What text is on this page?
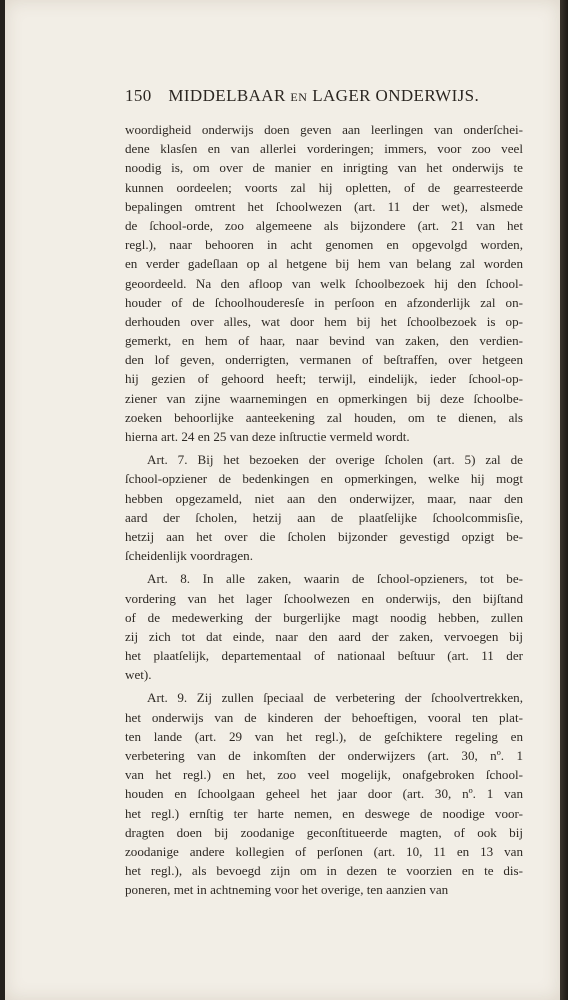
150 MIDDELBAAR EN LAGER ONDERWIJS.
woordigheid onderwijs doen geven aan leerlingen van onderſchei-
dene klasſen en van allerlei vorderingen; immers, voor zoo veel
noodig is, om over de manier en inrigting van het onderwijs te
kunnen oordeelen; voorts zal hij opletten, of de gearresteerde
bepalingen omtrent het ſchoolwezen (art. 11 der wet), alsmede
de ſchool-orde, zoo algemeene als bijzondere (art. 21 van het
regl.), naar behooren in acht genomen en opgevolgd worden,
en verder gadeſlaan op al hetgene bij hem van belang zal worden
geoordeeld. Na den afloop van welk ſchoolbezoek hij den ſchool-
houder of de ſchoolhouderesſe in perſoon en afzonderlijk zal on-
derhouden over alles, wat door hem bij het ſchoolbezoek is op-
gemerkt, en hem of haar, naar bevind van zaken, den verdien-
den lof geven, onderrigten, vermanen of beſtraffen, over hetgeen
hij gezien of gehoord heeft; terwijl, eindelijk, ieder ſchool-op-
ziener van zijne waarnemingen en opmerkingen bij deze ſchoolbe-
zoeken behoorlijke aanteekening zal houden, om te dienen, als
hierna art. 24 en 25 van deze inſtructie vermeld wordt.
Art. 7. Bij het bezoeken der overige ſcholen (art. 5) zal de
ſchool-opziener de bedenkingen en opmerkingen, welke hij mogt
hebben opgezameld, niet aan den onderwijzer, maar, naar den
aard der ſcholen, hetzij aan de plaatſelijke ſchoolcommisſie,
hetzij aan het over die ſcholen bijzonder gevestigd opzigt be-
ſcheidenlijk voordragen.
Art. 8. In alle zaken, waarin de ſchool-opzieners, tot be-
vordering van het lager ſchoolwezen en onderwijs, den bijſtand
of de medewerking der burgerlijke magt noodig hebben, zullen
zij zich tot dat einde, naar den aard der zaken, vervoegen bij
het plaatſelijk, departementaal of nationaal beſtuur (art. 11 der
wet).
Art. 9. Zij zullen ſpeciaal de verbetering der ſchoolvertrekken,
het onderwijs van de kinderen der behoeftigen, vooral ten plat-
ten lande (art. 29 van het regl.), de geſchiktere regeling en
verbetering van de inkomſten der onderwijzers (art. 30, nº. 1
van het regl.) en het, zoo veel mogelijk, onafgebroken ſchool-
houden en ſchoolgaan geheel het jaar door (art. 30, nº. 1 van
het regl.) ernſtig ter harte nemen, en deswege de noodige voor-
dragten doen bij zoodanige geconſtitueerde magten, of ook bij
zoodanige andere kollegien of perſonen (art. 10, 11 en 13 van
het regl.), als bevoegd zijn om in dezen te voorzien en te dis-
poneren, met in achtneming voor het overige, ten aanzien van
